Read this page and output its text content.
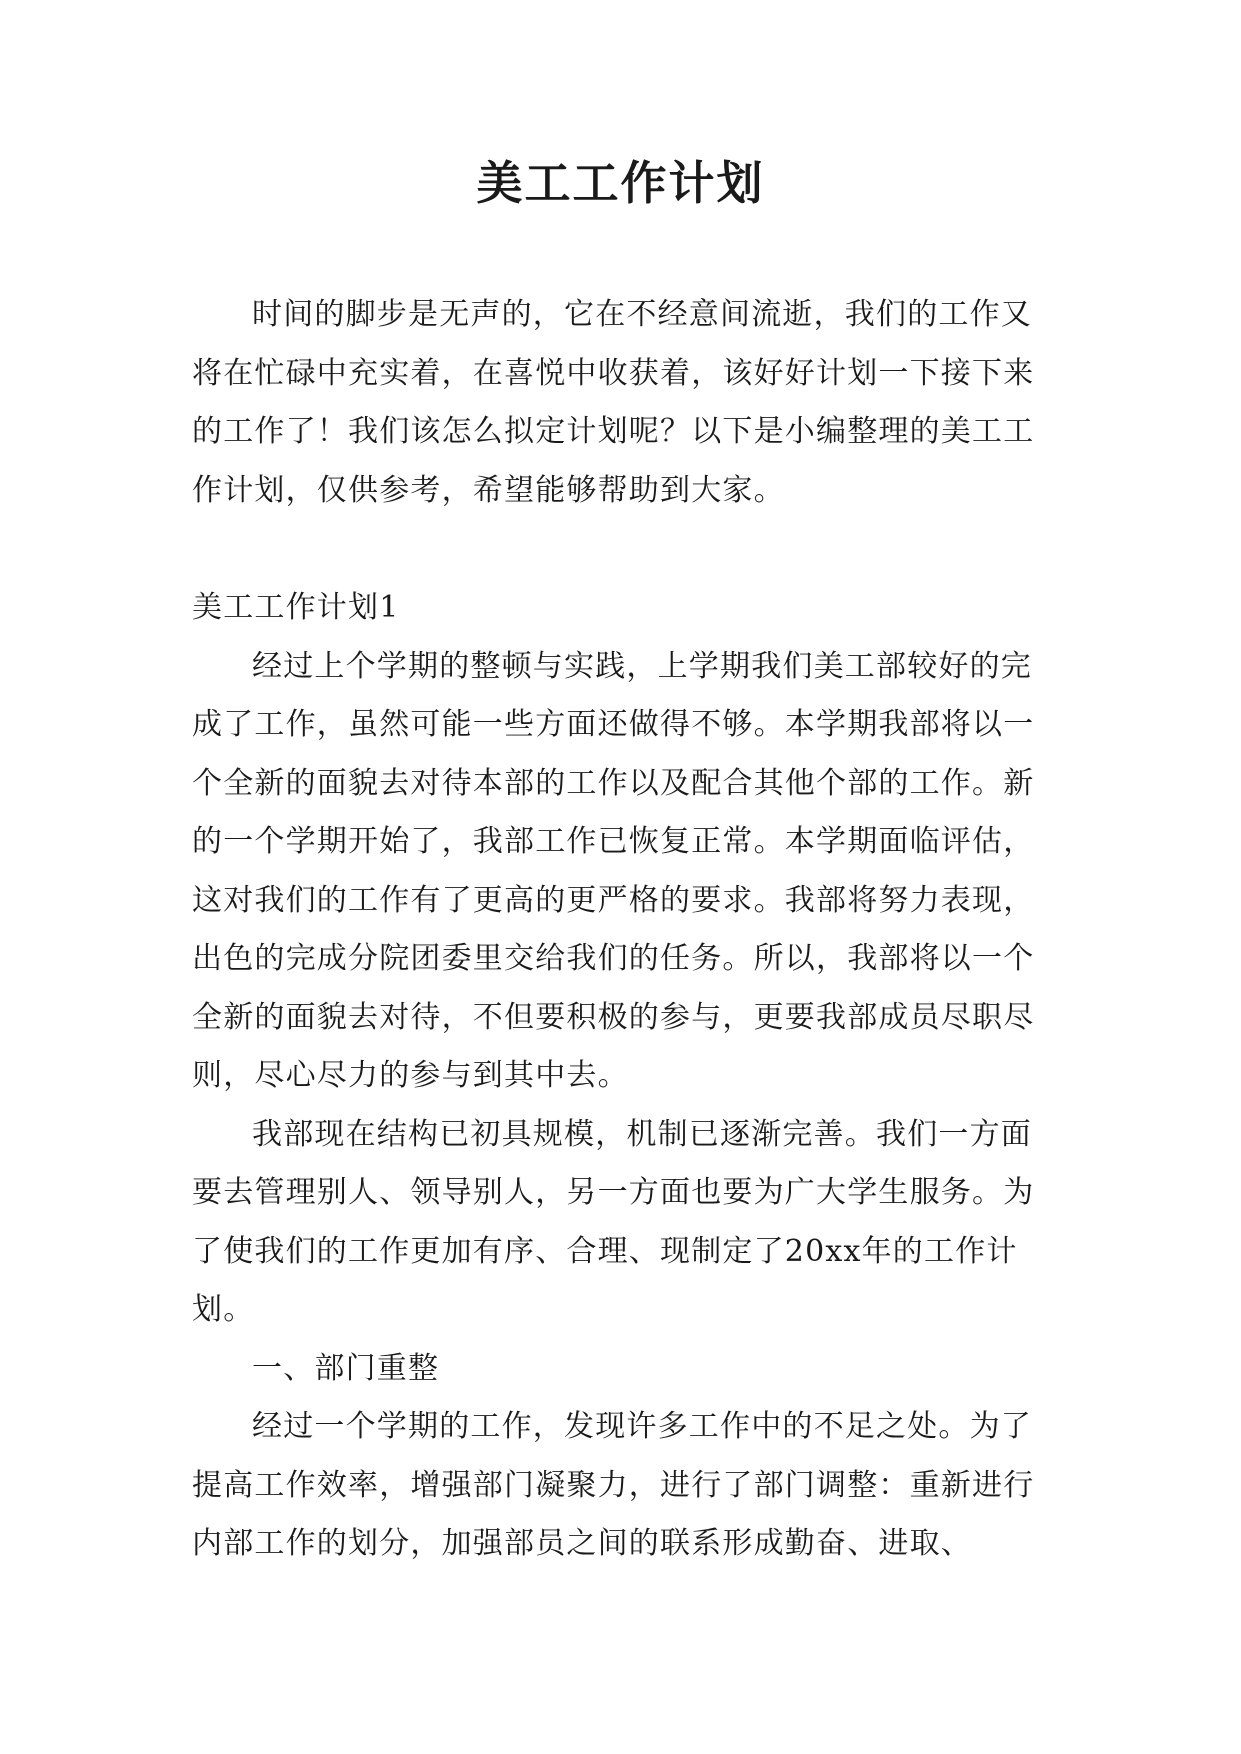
美工工作计划

时间的脚步是无声的，它在不经意间流逝，我们的工作又将在忙碌中充实着，在喜悦中收获着，该好好计划一下接下来的工作了！我们该怎么拟定计划呢？以下是小编整理的美工工作计划，仅供参考，希望能够帮助到大家。

美工工作计划1

经过上个学期的整顿与实践，上学期我们美工部较好的完成了工作，虽然可能一些方面还做得不够。本学期我部将以一个全新的面貌去对待本部的工作以及配合其他个部的工作。新的一个学期开始了，我部工作已恢复正常。本学期面临评估，这对我们的工作有了更高的更严格的要求。我部将努力表现，出色的完成分院团委里交给我们的任务。所以，我部将以一个全新的面貌去对待，不但要积极的参与，更要我部成员尽职尽则，尽心尽力的参与到其中去。

我部现在结构已初具规模，机制已逐渐完善。我们一方面要去管理别人、领导别人，另一方面也要为广大学生服务。为了使我们的工作更加有序、合理、现制定了20xx年的工作计划。

一、部门重整

经过一个学期的工作，发现许多工作中的不足之处。为了提高工作效率，增强部门凝聚力，进行了部门调整：重新进行内部工作的划分，加强部员之间的联系形成勤奋、进取、
